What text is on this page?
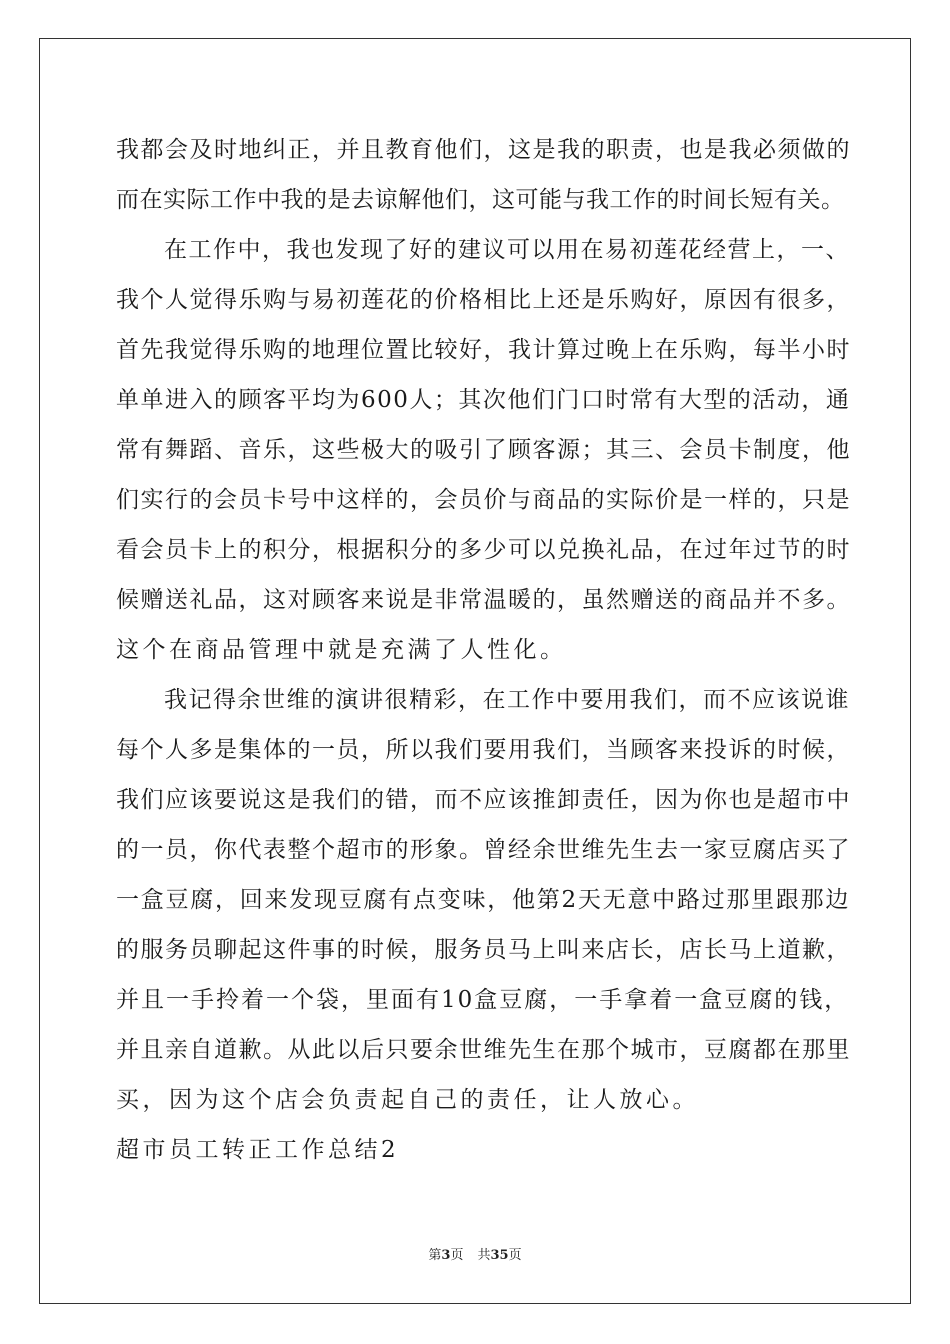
我都会及时地纠正，并且教育他们，这是我的职责，也是我必须做的
而在实际工作中我的是去谅解他们，这可能与我工作的时间长短有关。
在工作中，我也发现了好的建议可以用在易初莲花经营上，一、
我个人觉得乐购与易初莲花的价格相比上还是乐购好，原因有很多，
首先我觉得乐购的地理位置比较好，我计算过晚上在乐购，每半小时
单单进入的顾客平均为600人；其次他们门口时常有大型的活动，通
常有舞蹈、音乐，这些极大的吸引了顾客源；其三、会员卡制度，他
们实行的会员卡号中这样的，会员价与商品的实际价是一样的，只是
看会员卡上的积分，根据积分的多少可以兑换礼品，在过年过节的时
候赠送礼品，这对顾客来说是非常温暖的，虽然赠送的商品并不多。
这个在商品管理中就是充满了人性化。
我记得余世维的演讲很精彩，在工作中要用我们，而不应该说谁
每个人多是集体的一员，所以我们要用我们，当顾客来投诉的时候，
我们应该要说这是我们的错，而不应该推卸责任，因为你也是超市中
的一员，你代表整个超市的形象。曾经余世维先生去一家豆腐店买了
一盒豆腐，回来发现豆腐有点变味，他第2天无意中路过那里跟那边
的服务员聊起这件事的时候，服务员马上叫来店长，店长马上道歉，
并且一手拎着一个袋，里面有10盒豆腐，一手拿着一盒豆腐的钱，
并且亲自道歉。从此以后只要余世维先生在那个城市，豆腐都在那里
买，因为这个店会负责起自己的责任，让人放心。
超市员工转正工作总结2
第3页 共35页
